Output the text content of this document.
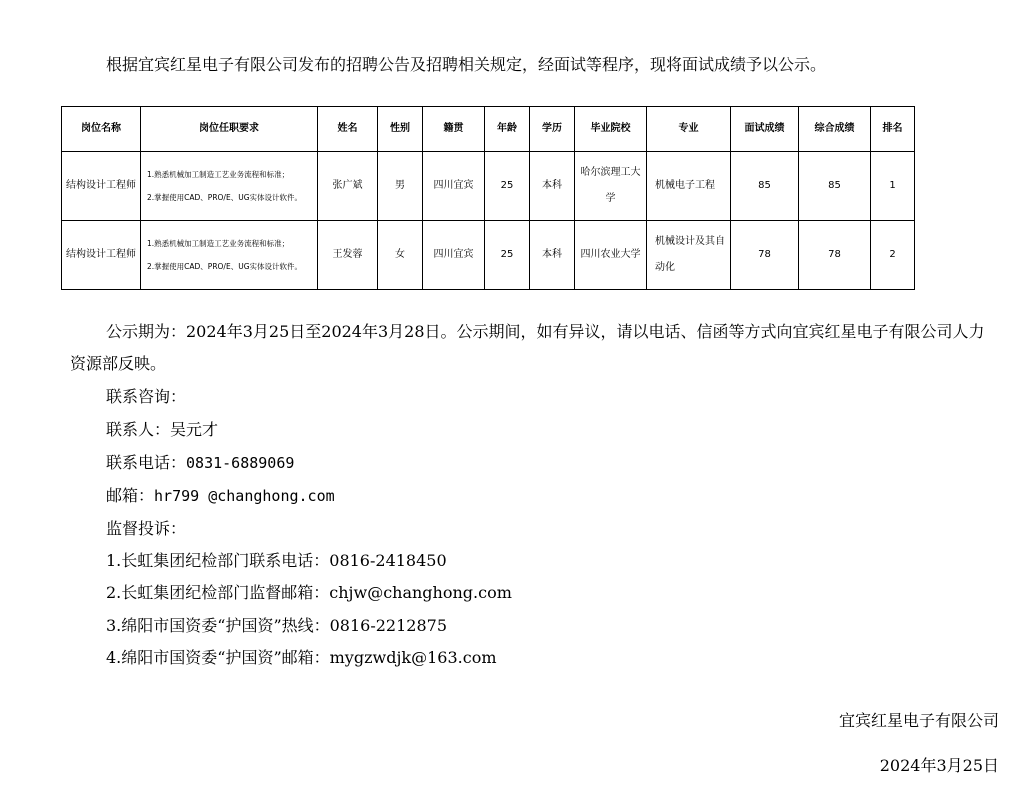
根据宜宾红星电子有限公司发布的招聘公告及招聘相关规定，经面试等程序，现将面试成绩予以公示。
岗位名称	岗位任职要求	姓名	性别	籍贯	年龄	学历	毕业院校	专业	面试成绩	综合成绩	排名
结构设计工程师	1.熟悉机械加工制造工艺业务流程和标准；
2.掌握使用CAD、PRO/E、UG实体设计软件。	张广斌	男	四川宜宾	25	本科	哈尔滨理工大学	机械电子工程	85	85	1
结构设计工程师	1.熟悉机械加工制造工艺业务流程和标准；
2.掌握使用CAD、PRO/E、UG实体设计软件。	王发蓉	女	四川宜宾	25	本科	四川农业大学	机械设计及其自动化	78	78	2
公示期为：2024年3月25日至2024年3月28日。公示期间，如有异议，请以电话、信函等方式向宜宾红星电子有限公司人力资源部反映。
联系咨询：
联系人：吴元才
联系电话：0831-6889069
邮箱：hr799 @changhong.com
监督投诉：
1.长虹集团纪检部门联系电话：0816-2418450
2.长虹集团纪检部门监督邮箱：chjw@changhong.com
3.绵阳市国资委“护国资”热线：0816-2212875
4.绵阳市国资委“护国资”邮箱：mygzwdjk@163.com
宜宾红星电子有限公司
2024年3月25日
